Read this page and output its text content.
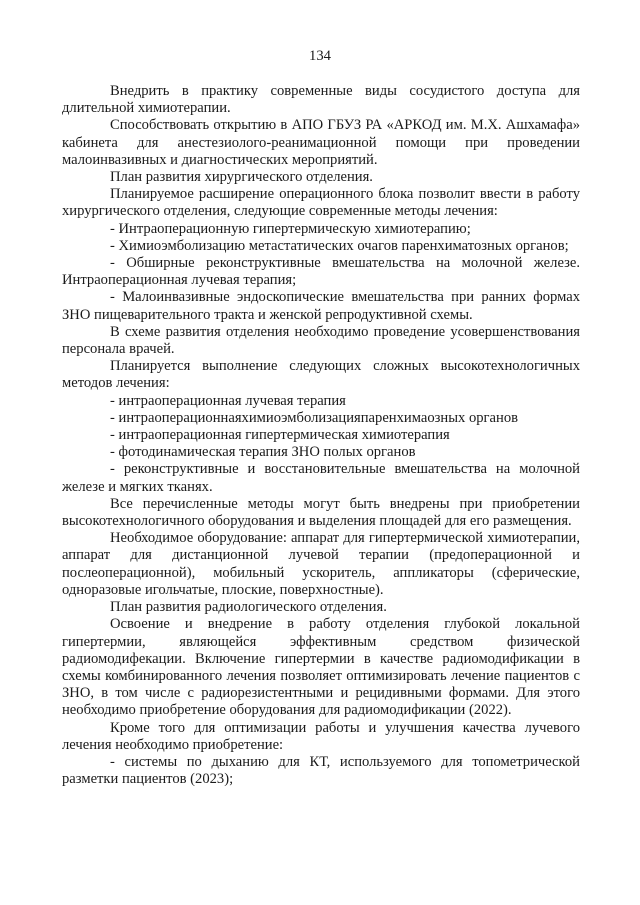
134

Внедрить в практику современные виды сосудистого доступа для длительной химиотерапии.

Способствовать открытию в АПО ГБУЗ РА «АРКОД им. М.Х. Ашхамафа» кабинета для анестезиолого-реанимационной помощи при проведении малоинвазивных и диагностических мероприятий.

План развития хирургического отделения.

Планируемое расширение операционного блока позволит ввести в работу хирургического отделения, следующие современные методы лечения:

- Интраоперационную гипертермическую химиотерапию;

- Химиоэмболизацию метастатических очагов паренхиматозных органов;

- Обширные реконструктивные вмешательства на молочной железе. Интраоперационная лучевая терапия;

- Малоинвазивные эндоскопические вмешательства при ранних формах ЗНО пищеварительного тракта и женской репродуктивной схемы.

В схеме развития отделения необходимо проведение усовершенствования персонала врачей.

Планируется выполнение следующих сложных высокотехнологичных методов лечения:

- интраоперационная лучевая терапия

- интраоперационнаяхимиоэмболизацияпаренхимаозных органов

- интраоперационная гипертермическая химиотерапия

- фотодинамическая терапия ЗНО полых органов

- реконструктивные и восстановительные вмешательства на молочной железе и мягких тканях.

Все перечисленные методы могут быть внедрены при приобретении высокотехнологичного оборудования и выделения площадей для его размещения.

Необходимое оборудование: аппарат для гипертермической химиотерапии, аппарат для дистанционной лучевой терапии (предоперационной и послеоперационной), мобильный ускоритель, аппликаторы (сферические, одноразовые игольчатые, плоские, поверхностные).

План развития радиологического отделения.

Освоение и внедрение в работу отделения глубокой локальной гипертермии, являющейся эффективным средством физической радиомодифекации. Включение гипертермии в качестве радиомодификации в схемы комбинированного лечения позволяет оптимизировать лечение пациентов с ЗНО, в том числе с радиорезистентными и рецидивными формами. Для этого необходимо приобретение оборудования для радиомодификации (2022).

Кроме того для оптимизации работы и улучшения качества лучевого лечения необходимо приобретение:

- системы по дыханию для КТ, используемого для топометрической разметки пациентов (2023);
